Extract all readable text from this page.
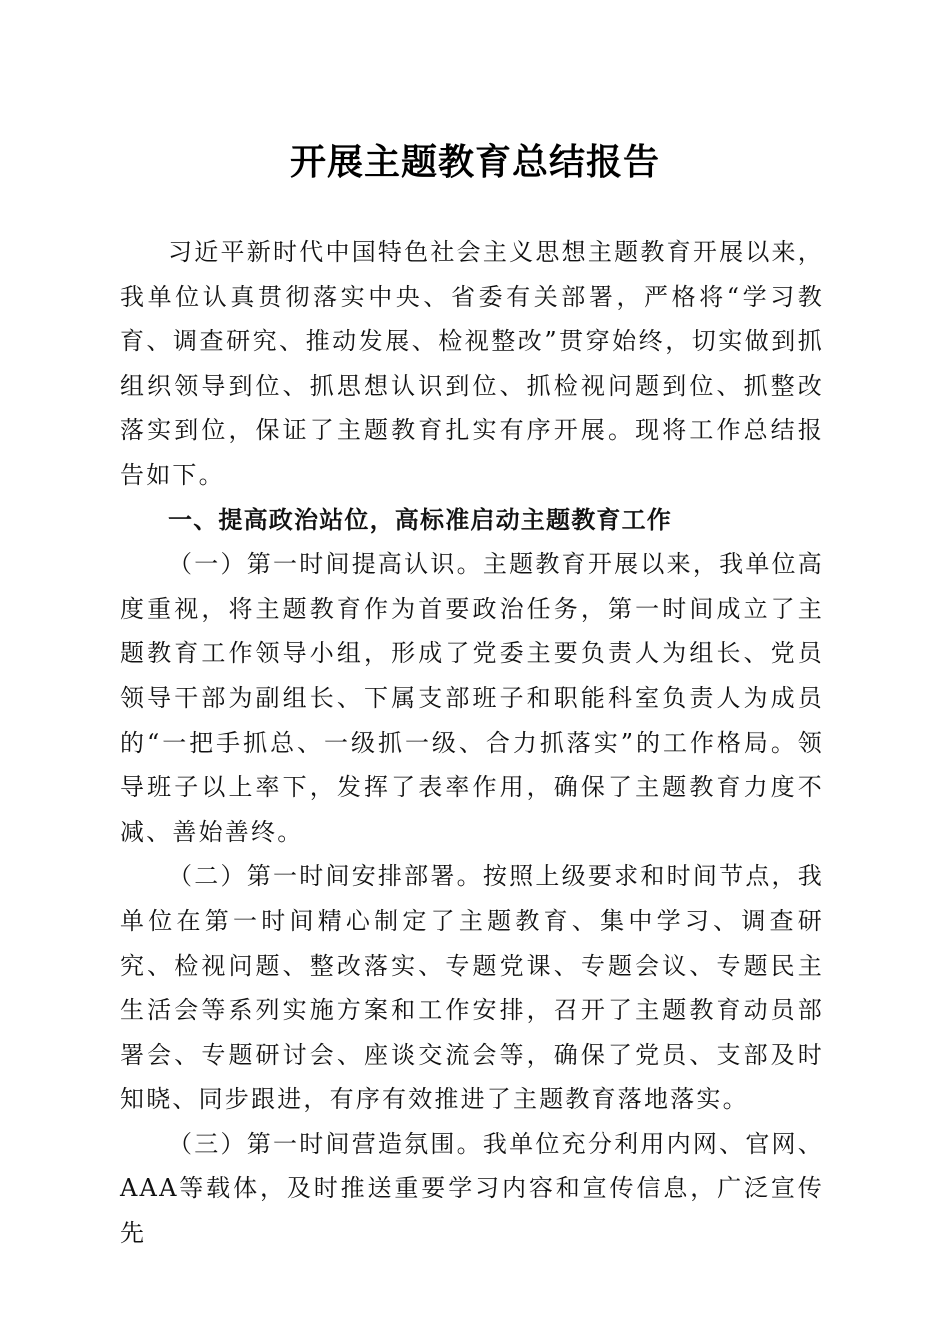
开展主题教育总结报告

习近平新时代中国特色社会主义思想主题教育开展以来，我单位认真贯彻落实中央、省委有关部署，严格将“学习教育、调查研究、推动发展、检视整改”贯穿始终，切实做到抓组织领导到位、抓思想认识到位、抓检视问题到位、抓整改落实到位，保证了主题教育扎实有序开展。现将工作总结报告如下。

一、提高政治站位，高标准启动主题教育工作

（一）第一时间提高认识。主题教育开展以来，我单位高度重视，将主题教育作为首要政治任务，第一时间成立了主题教育工作领导小组，形成了党委主要负责人为组长、党员领导干部为副组长、下属支部班子和职能科室负责人为成员的“一把手抓总、一级抓一级、合力抓落实”的工作格局。领导班子以上率下，发挥了表率作用，确保了主题教育力度不减、善始善终。

（二）第一时间安排部署。按照上级要求和时间节点，我单位在第一时间精心制定了主题教育、集中学习、调查研究、检视问题、整改落实、专题党课、专题会议、专题民主生活会等系列实施方案和工作安排，召开了主题教育动员部署会、专题研讨会、座谈交流会等，确保了党员、支部及时知晓、同步跟进，有序有效推进了主题教育落地落实。

（三）第一时间营造氛围。我单位充分利用内网、官网、AAA等载体，及时推送重要学习内容和宣传信息，广泛宣传先
